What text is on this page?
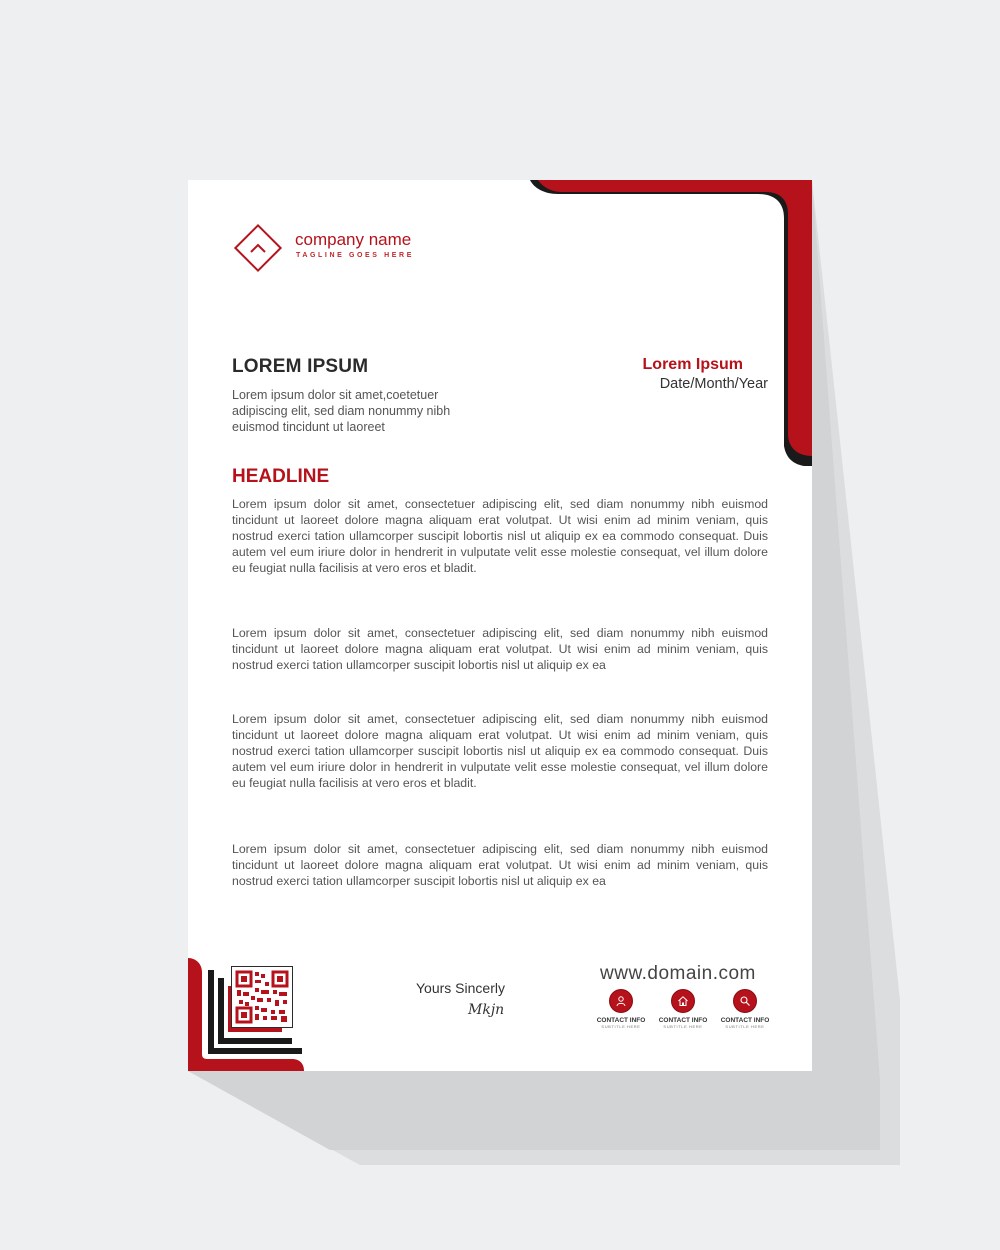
company name
TAGLINE GOES HERE
LOREM IPSUM
Lorem ipsum dolor sit amet,coetetuer adipiscing elit, sed diam nonummy nibh euismod tincidunt ut laoreet
Lorem Ipsum
Date/Month/Year
HEADLINE

Lorem ipsum dolor sit amet, consectetuer adipiscing elit, sed diam nonummy nibh euismod tincidunt ut laoreet dolore magna aliquam erat volutpat. Ut wisi enim ad minim veniam, quis nostrud exerci tation ullamcorper suscipit lobortis nisl ut aliquip ex ea commodo consequat. Duis autem vel eum iriure dolor in hendrerit in vulputate velit esse molestie consequat, vel illum dolore eu feugiat nulla facilisis at vero eros et bladit.

Lorem ipsum dolor sit amet, consectetuer adipiscing elit, sed diam nonummy nibh euismod tincidunt ut laoreet dolore magna aliquam erat volutpat. Ut wisi enim ad minim veniam, quis nostrud exerci tation ullamcorper suscipit lobortis nisl ut aliquip ex ea

Lorem ipsum dolor sit amet, consectetuer adipiscing elit, sed diam nonummy nibh euismod tincidunt ut laoreet dolore magna aliquam erat volutpat. Ut wisi enim ad minim veniam, quis nostrud exerci tation ullamcorper suscipit lobortis nisl ut aliquip ex ea commodo consequat. Duis autem vel eum iriure dolor in hendrerit in vulputate velit esse molestie consequat, vel illum dolore eu feugiat nulla facilisis at vero eros et bladit.

Lorem ipsum dolor sit amet, consectetuer adipiscing elit, sed diam nonummy nibh euismod tincidunt ut laoreet dolore magna aliquam erat volutpat. Ut wisi enim ad minim veniam, quis nostrud exerci tation ullamcorper suscipit lobortis nisl ut aliquip ex ea

Yours Sincerly
Mkjn
www.domain.com
CONTACT INFO
SUBTITLE HERE
CONTACT INFO
SUBTITLE HERE
CONTACT INFO
SUBTITLE HERE
